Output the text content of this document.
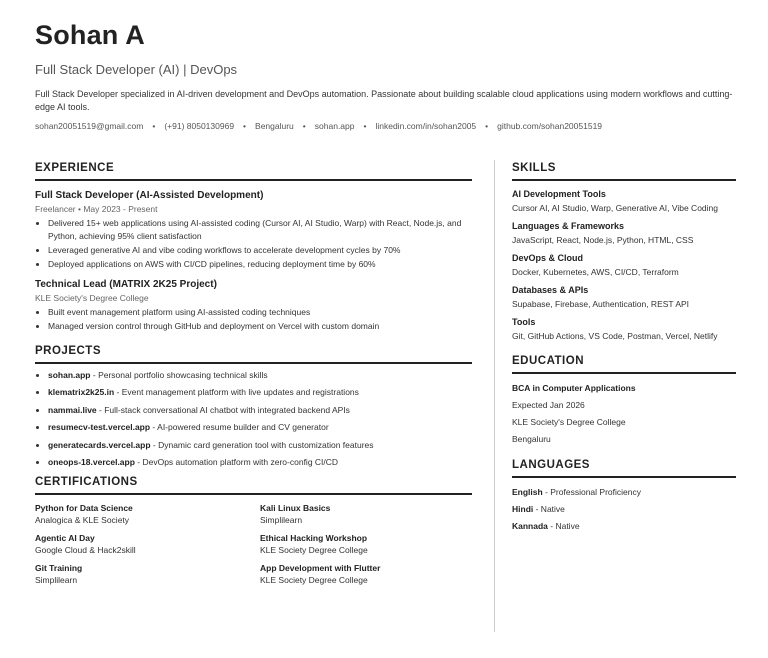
Sohan A

Full Stack Developer (AI) | DevOps

Full Stack Developer specialized in AI-driven development and DevOps automation. Passionate about building scalable cloud applications using modern workflows and cutting-edge AI tools.

sohan20051519@gmail.com • (+91) 8050130969 • Bengaluru • sohan.app • linkedin.com/in/sohan2005 • github.com/sohan20051519
EXPERIENCE

Full Stack Developer (AI-Assisted Development)

Freelancer • May 2023 - Present

• Delivered 15+ web applications using AI-assisted coding (Cursor AI, AI Studio, Warp) with React, Node.js, and Python, achieving 95% client satisfaction
• Leveraged generative AI and vibe coding workflows to accelerate development cycles by 70%
• Deployed applications on AWS with CI/CD pipelines, reducing deployment time by 60%

Technical Lead (MATRIX 2K25 Project)

KLE Society's Degree College

• Built event management platform using AI-assisted coding techniques
• Managed version control through GitHub and deployment on Vercel with custom domain
PROJECTS
• sohan.app - Personal portfolio showcasing technical skills
• klematrix2k25.in - Event management platform with live updates and registrations
• nammai.live - Full-stack conversational AI chatbot with integrated backend APIs
• resumecv-test.vercel.app - AI-powered resume builder and CV generator
• generatecards.vercel.app - Dynamic card generation tool with customization features
• oneops-18.vercel.app - DevOps automation platform with zero-config CI/CD
CERTIFICATIONS

Python for Data Science

Analogica & KLE Society

Kali Linux Basics

Simplilearn

Agentic AI Day

Google Cloud & Hack2skill

Ethical Hacking Workshop

KLE Society Degree College

Git Training

Simplilearn

App Development with Flutter

KLE Society Degree College

SKILLS

AI Development Tools

Cursor AI, AI Studio, Warp, Generative AI, Vibe Coding

Languages & Frameworks

JavaScript, React, Node.js, Python, HTML, CSS

DevOps & Cloud

Docker, Kubernetes, AWS, CI/CD, Terraform

Databases & APIs

Supabase, Firebase, Authentication, REST API

Tools

Git, GitHub Actions, VS Code, Postman, Vercel, Netlify

EDUCATION

BCA in Computer Applications

Expected Jan 2026

KLE Society's Degree College

Bengaluru

LANGUAGES

English - Professional Proficiency

Hindi - Native

Kannada - Native
